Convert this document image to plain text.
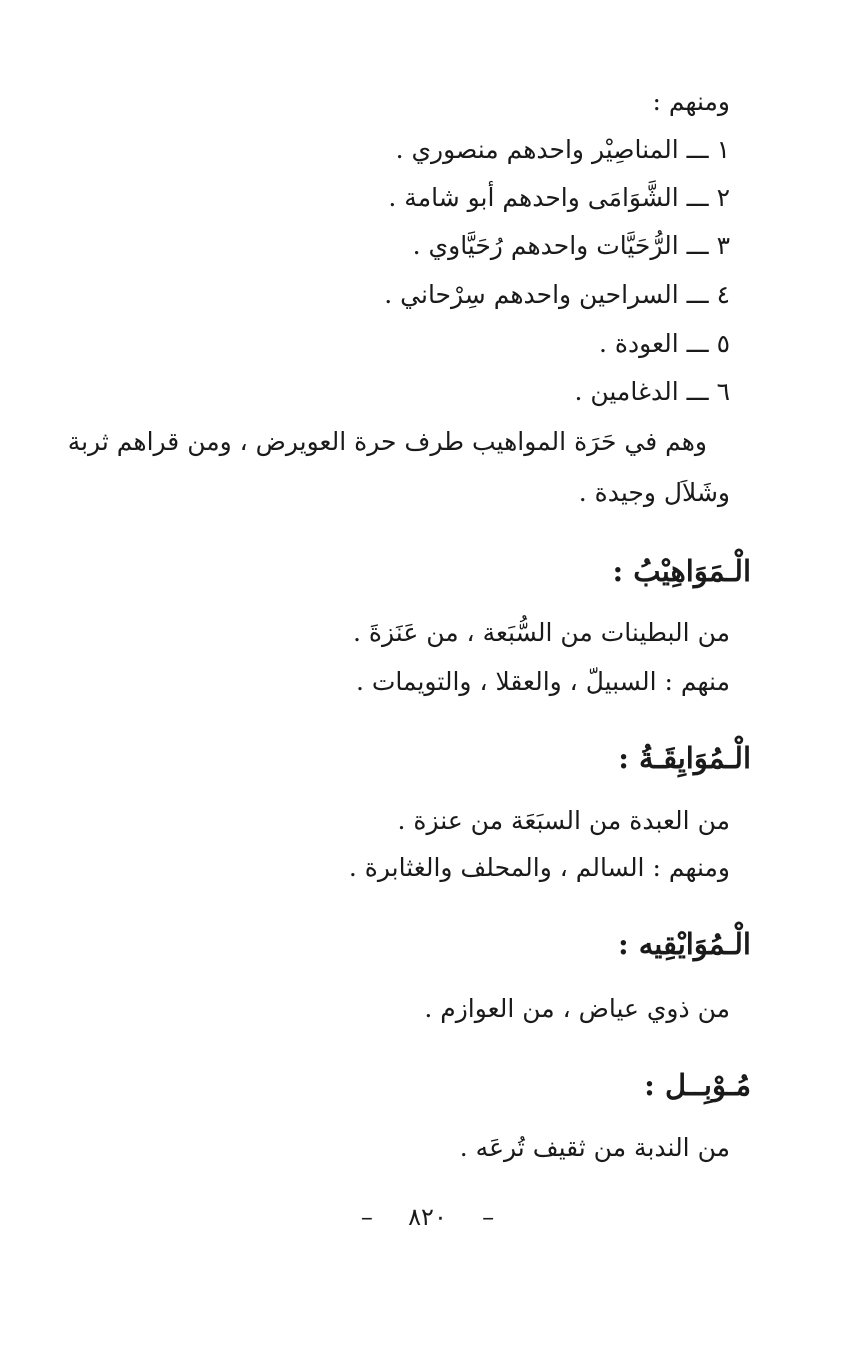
ومنهم :
١ ـــ المناصِيْر واحدهم منصوري .
٢ ـــ الشَّوَامَى واحدهم أبو شامة .
٣ ـــ الرُّحَيَّات واحدهم رُحَيَّاوي .
٤ ـــ السراحين واحدهم سِرْحاني .
٥ ـــ العودة .
٦ ـــ الدغامين .
وهم في حَرَة المواهيب طرف حرة العويرض ، ومن قراهم ثربة
وشَلاَل وجيدة .
الْـمَوَاهِيْبُ :
من البطينات من السُّبَعة ، من عَنَزةَ .
منهم : السبيلّ ، والعقلا ، والتويمات .
الْـمُوَايِقَـةُ :
من العبدة من السبَعَة من عنزة .
ومنهم : السالم ، والمحلف والغثابرة .
الْـمُوَايْقِيه :
من ذوي عياض ، من العوازم .
مُـوْبِــل :
من الندبة من ثقيف تُرعَه .
– ٨٢٠ –
